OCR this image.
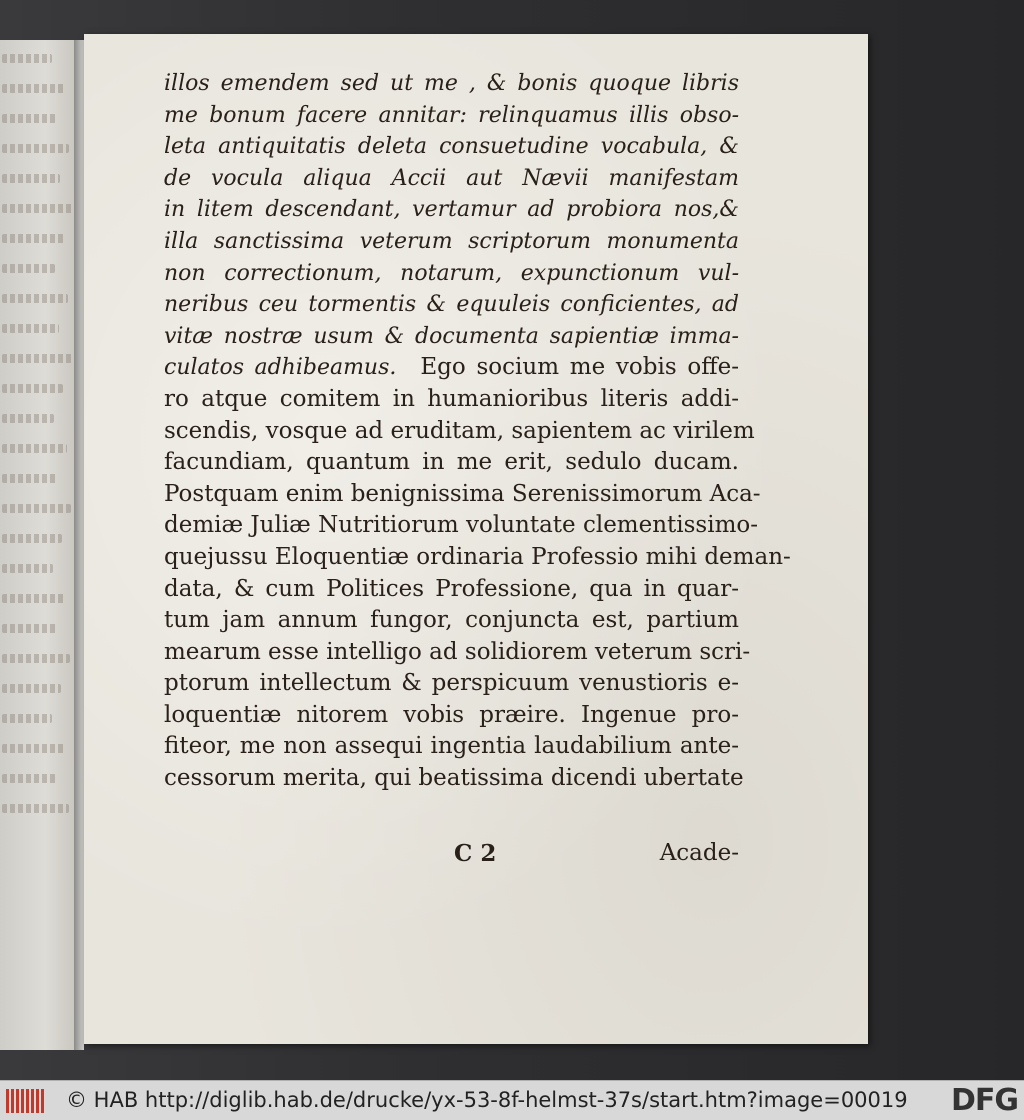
illos emendem sed ut me , & bonis quoque libris
me bonum facere annitar: relinquamus illis obso-
leta antiquitatis deleta consuetudine vocabula, &
de vocula aliqua Accii aut Nævii manifestam
in litem descendant, vertamur ad probiora nos,&
illa sanctissima veterum scriptorum monumenta
non correctionum, notarum, expunctionum vul-
neribus ceu tormentis & equuleis conficientes, ad
vitæ nostræ usum & documenta sapientiæ imma-
culatos adhibeamus. Ego socium me vobis offe-
ro atque comitem in humanioribus literis addi-
scendis, vosque ad eruditam, sapientem ac virilem
facundiam, quantum in me erit, sedulo ducam.
Postquam enim benignissima Serenissimorum Aca-
demiæ Juliæ Nutritiorum voluntate clementissimo-
quejussu Eloquentiæ ordinaria Professio mihi deman-
data, & cum Politices Professione, qua in quar-
tum jam annum fungor, conjuncta est, partium
mearum esse intelligo ad solidiorem veterum scri-
ptorum intellectum & perspicuum venustioris e-
loquentiæ nitorem vobis præire. Ingenue pro-
fiteor, me non assequi ingentia laudabilium ante-
cessorum merita, qui beatissima dicendi ubertate
C 2	Acade-
© HAB http://diglib.hab.de/drucke/yx-53-8f-helmst-37s/start.htm?image=00019 DFG
